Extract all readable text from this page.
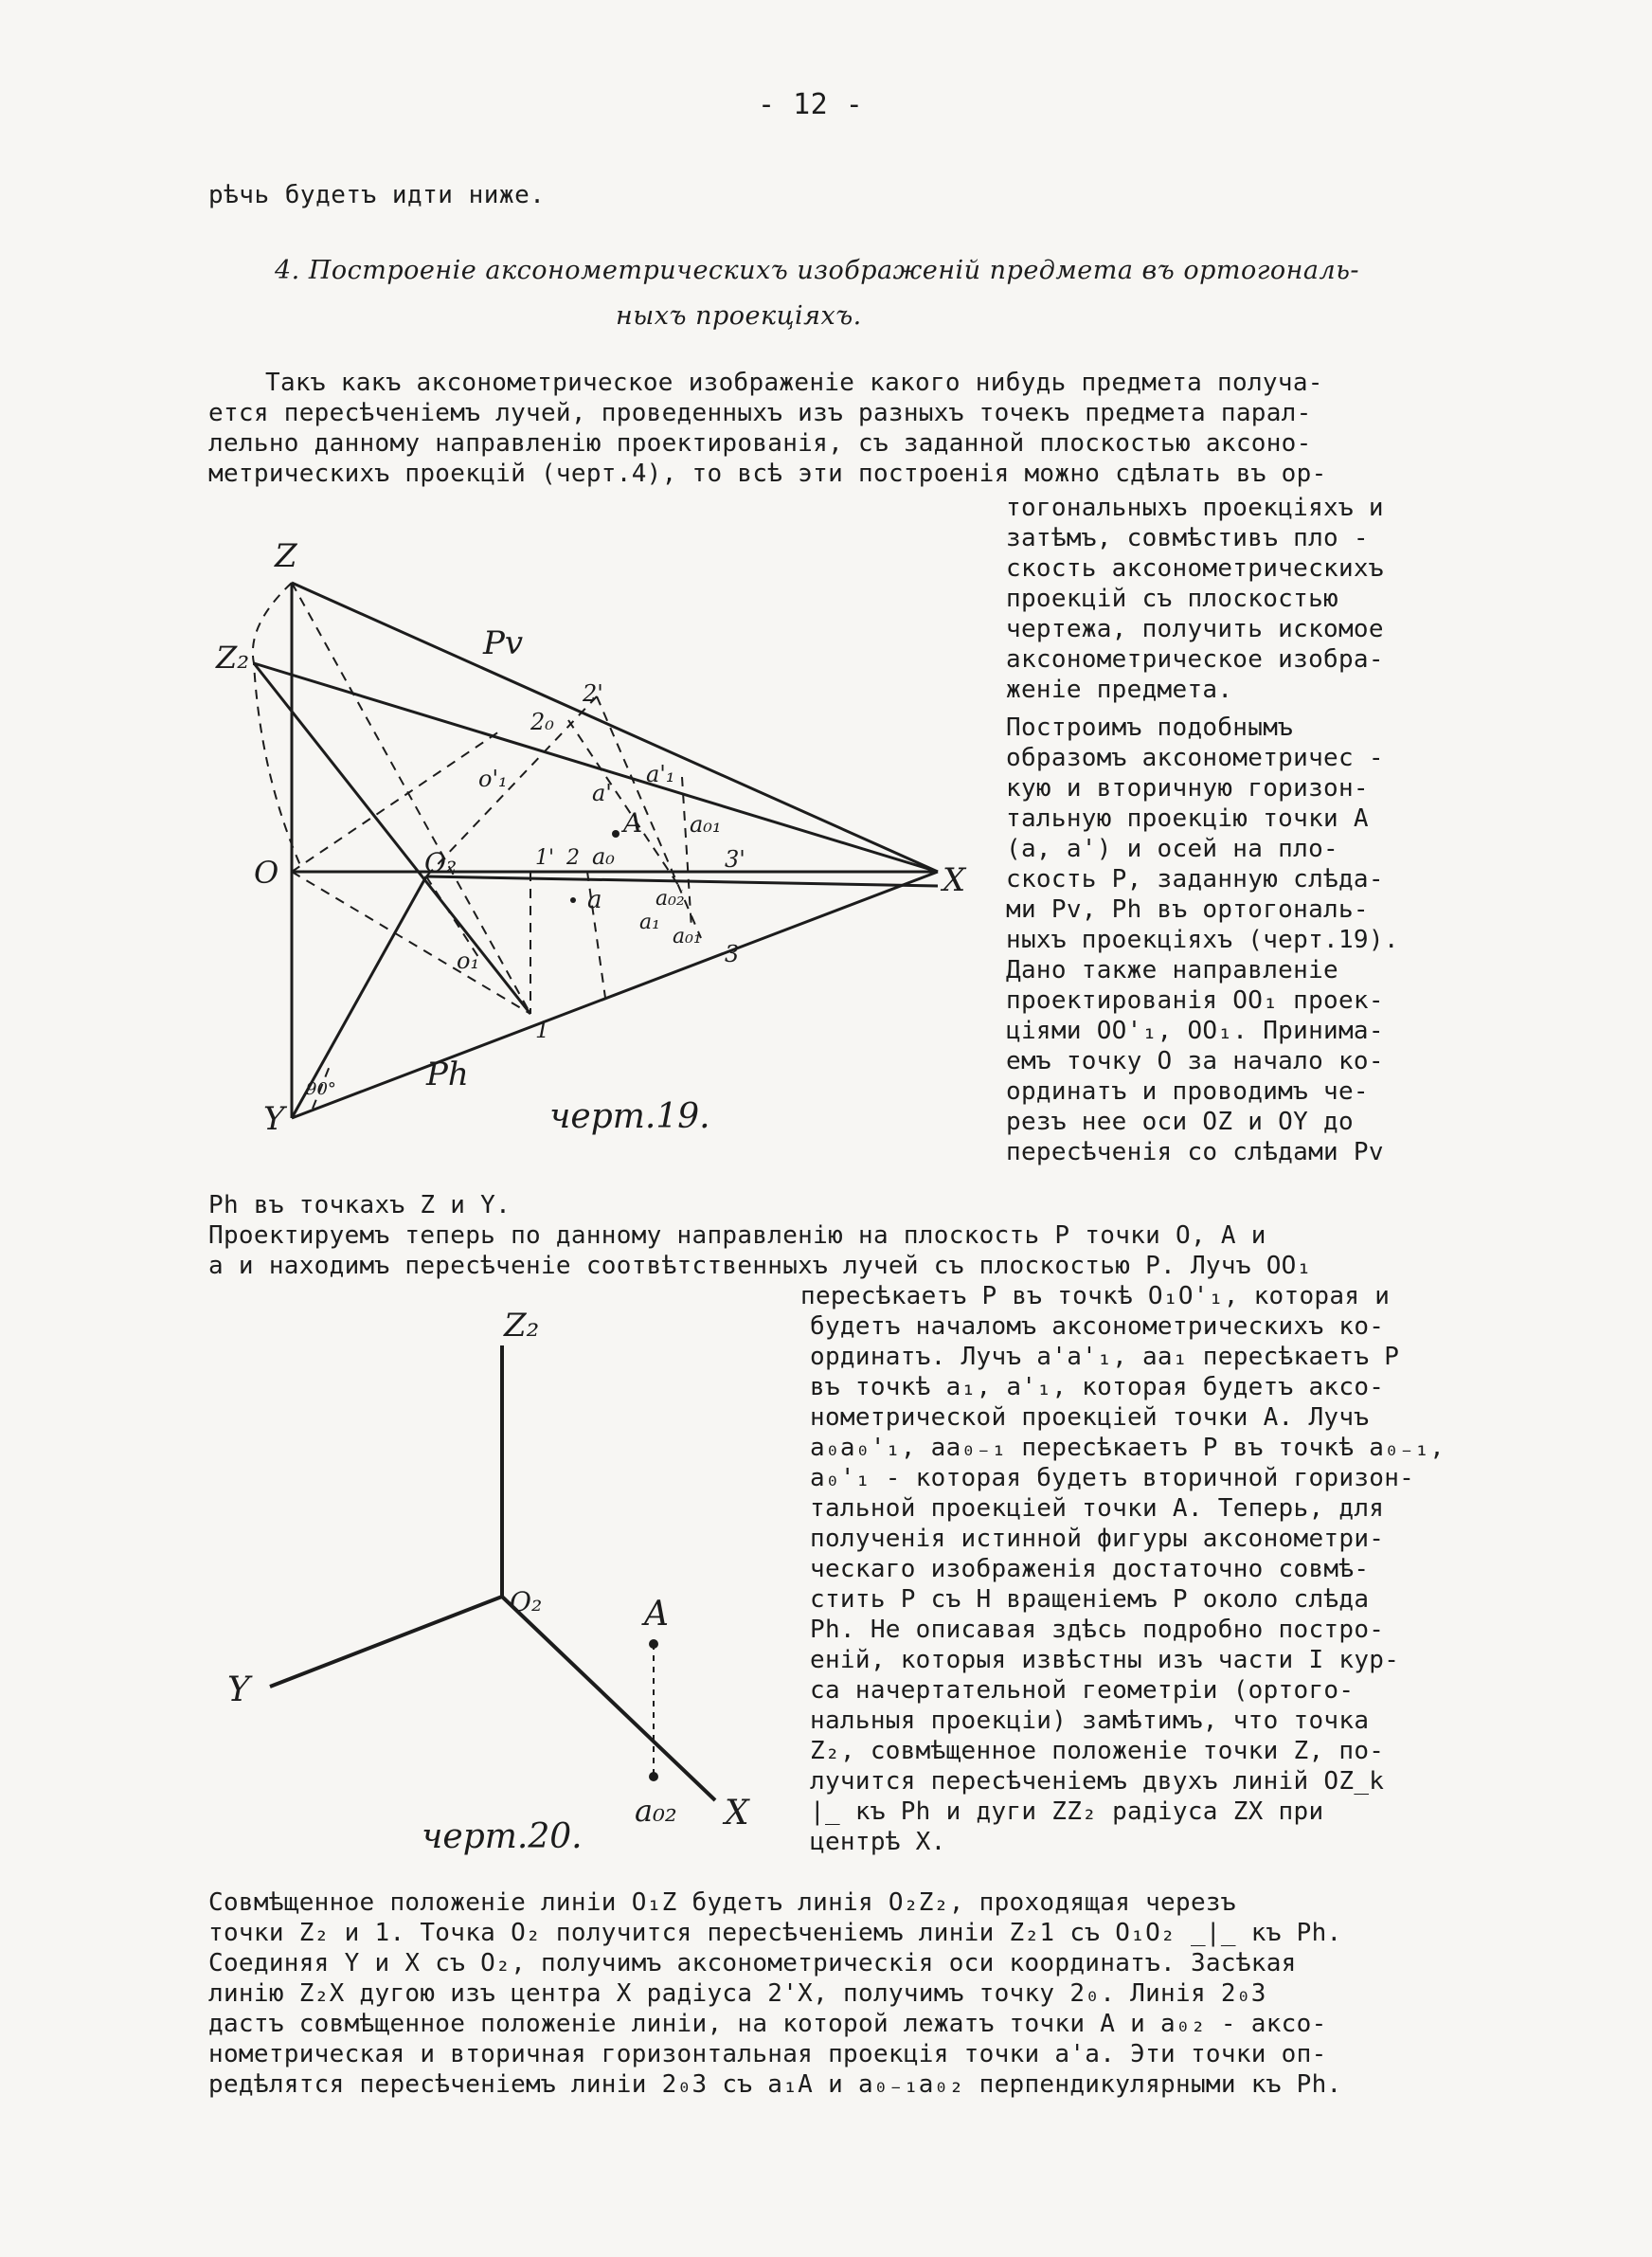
- 12 -
рѣчь будетъ идти ниже.
4. Построеніе аксонометрическихъ изображеній предмета въ ортогональ-
ныхъ проекціяхъ.
Такъ какъ аксонометрическое изображеніе какого нибудь предмета получа-
ется пересѣченіемъ лучей, проведенныхъ изъ разныхъ точекъ предмета парал-
лельно данному направленію проектированія, съ заданной плоскостью аксоно-
метрическихъ проекцій (черт.4), то всѣ эти построенія можно сдѣлать въ ор-
тогональныхъ проекціяхъ и
затѣмъ, совмѣстивъ пло -
скость аксонометрическихъ
проекцій съ плоскостью
чертежа, получить искомое
аксонометрическое изобра-
женіе предмета.
Построимъ подобнымъ
образомъ аксонометричес -
кую и вторичную горизон-
тальную проекцію точки А
(а, а') и осей на пло-
скость Р, заданную слѣда-
ми Рv, Рh въ ортогональ-
ныхъ проекціяхъ (черт.19).
Дано также направленіе
проектированія ОО₁ проек-
ціями ОО'₁, ОО₁. Принима-
емъ точку О за начало ко-
ординатъ и проводимъ че-
резъ нее оси ОZ и ОY до
пересѣченія со слѣдами Рv
Z
Z₂
O	O₂	X
Y
Pv
Ph
o'₁
o₁
2'
2₀
3'
3
1'
1
2
a'
a'₁
A
a₀
a₀₁
a
a₁
a₀₂
a₀₁
90°
черт.19.
Рh въ точкахъ Z и Y.
Проектируемъ теперь по данному направленію на плоскость Р точки О, А и
а и находимъ пересѣченіе соотвѣтственныхъ лучей съ плоскостью Р. Лучъ ОО₁
пересѣкаетъ Р въ точкѣ О₁О'₁, которая и
будетъ началомъ аксонометрическихъ ко-
ординатъ. Лучъ а'а'₁, аа₁ пересѣкаетъ Р
въ точкѣ а₁, а'₁, которая будетъ акcо-
нометрической проекціей точки А. Лучъ
а₀а₀'₁, аа₀₋₁ пересѣкаетъ Р въ точкѣ а₀₋₁,
а₀'₁ - которая будетъ вторичной горизон-
тальной проекціей точки А. Теперь, для
полученія истинной фигуры аксонометри-
ческаго изображенія достаточно совмѣ-
стить Р съ Н вращеніемъ Р около слѣда
Рh. Не описавая здѣсь подробно постро-
еній, которыя извѣстны изъ части I кур-
са начертательной геометріи (ортого-
нальныя проекціи) замѣтимъ, что точка
Z₂, совмѣщенное положеніе точки Z, по-
лучится пересѣченіемъ двухъ линій OZ_k
|_ къ Рh и дуги ZZ₂ радіуса ZX при
центрѣ X.
Z₂
O₂
Y
X
A
a₀₂
черт.20.
Совмѣщенное положеніе линіи О₁Z будетъ линія О₂Z₂, проходящая черезъ
точки Z₂ и 1. Точка О₂ получится пересѣченіемъ линіи Z₂1 съ О₁О₂ _|_ къ Рh.
Соединяя Y и X съ О₂, получимъ аксонометрическія оси координатъ. Засѣкая
линію Z₂X дугою изъ центра X радіуса 2'X, получимъ точку 2₀. Линія 2₀3
дастъ совмѣщенное положеніе линіи, на которой лежатъ точки А и а₀₂ - аксо-
нометрическая и вторичная горизонтальная проекція точки а'а. Эти точки оп-
редѣлятся пересѣченіемъ линіи 2₀3 съ а₁А и а₀₋₁а₀₂ перпендикулярными къ Рh.
